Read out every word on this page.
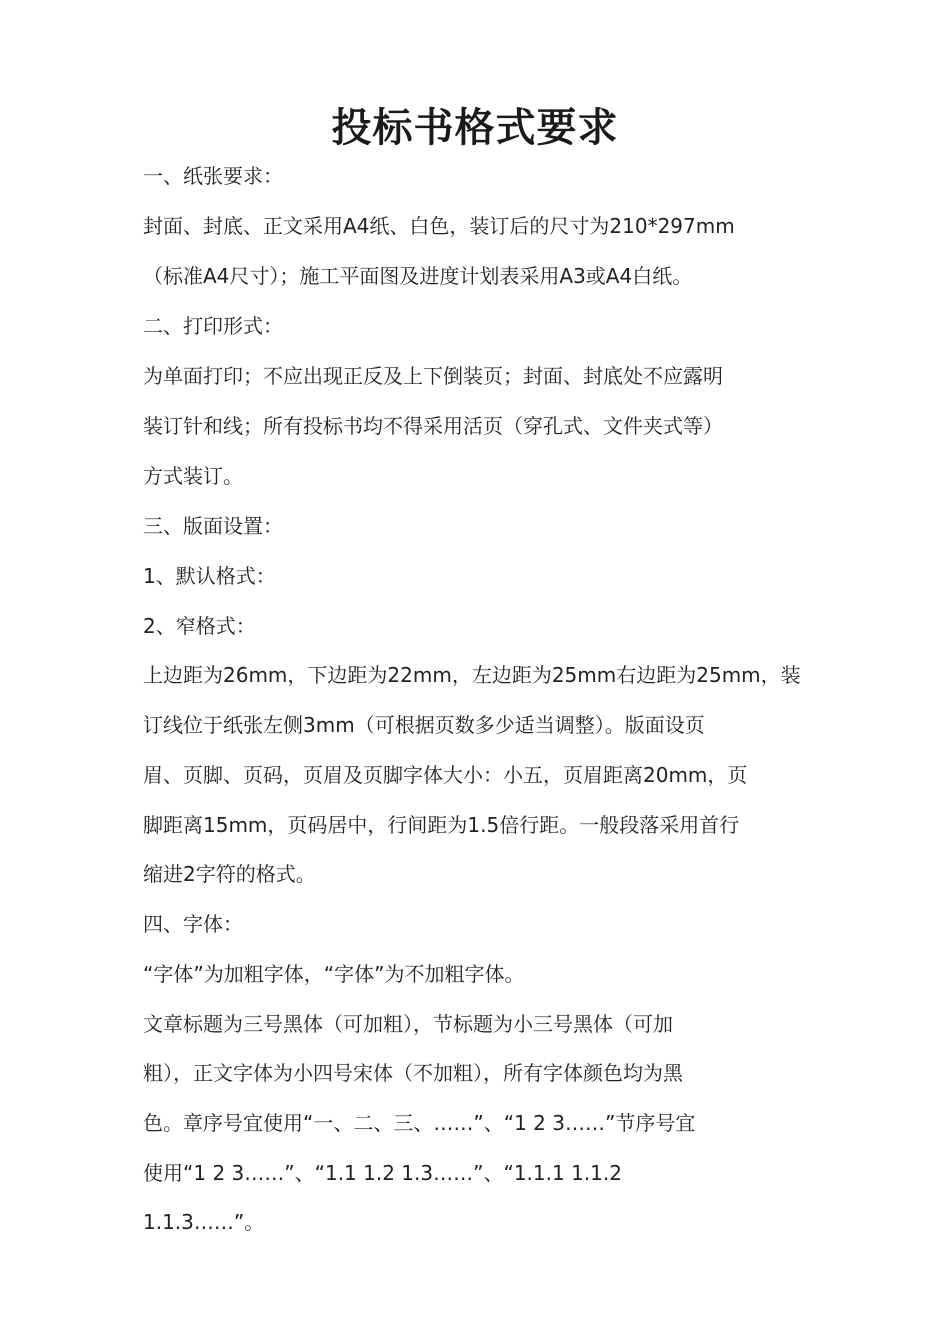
投标书格式要求
一、纸张要求：
封面、封底、正文采用A4纸、白色，装订后的尺寸为210*297mm
（标准A4尺寸）；施工平面图及进度计划表采用A3或A4白纸。
二、打印形式：
为单面打印；不应出现正反及上下倒装页；封面、封底处不应露明
装订针和线；所有投标书均不得采用活页（穿孔式、文件夹式等）
方式装订。
三、版面设置：
1、默认格式：
2、窄格式：
上边距为26mm，下边距为22mm，左边距为25mm右边距为25mm，装
订线位于纸张左侧3mm（可根据页数多少适当调整）。版面设页
眉、页脚、页码，页眉及页脚字体大小：小五，页眉距离20mm，页
脚距离15mm，页码居中，行间距为1.5倍行距。一般段落采用首行
缩进2字符的格式。
四、字体：
“字体”为加粗字体，“字体”为不加粗字体。
文章标题为三号黑体（可加粗），节标题为小三号黑体（可加
粗），正文字体为小四号宋体（不加粗），所有字体颜色均为黑
色。章序号宜使用“一、二、三、……”、“1 2 3……”节序号宜
使用“1 2 3……”、“1.1 1.2 1.3……”、“1.1.1 1.1.2
1.1.3……”。
